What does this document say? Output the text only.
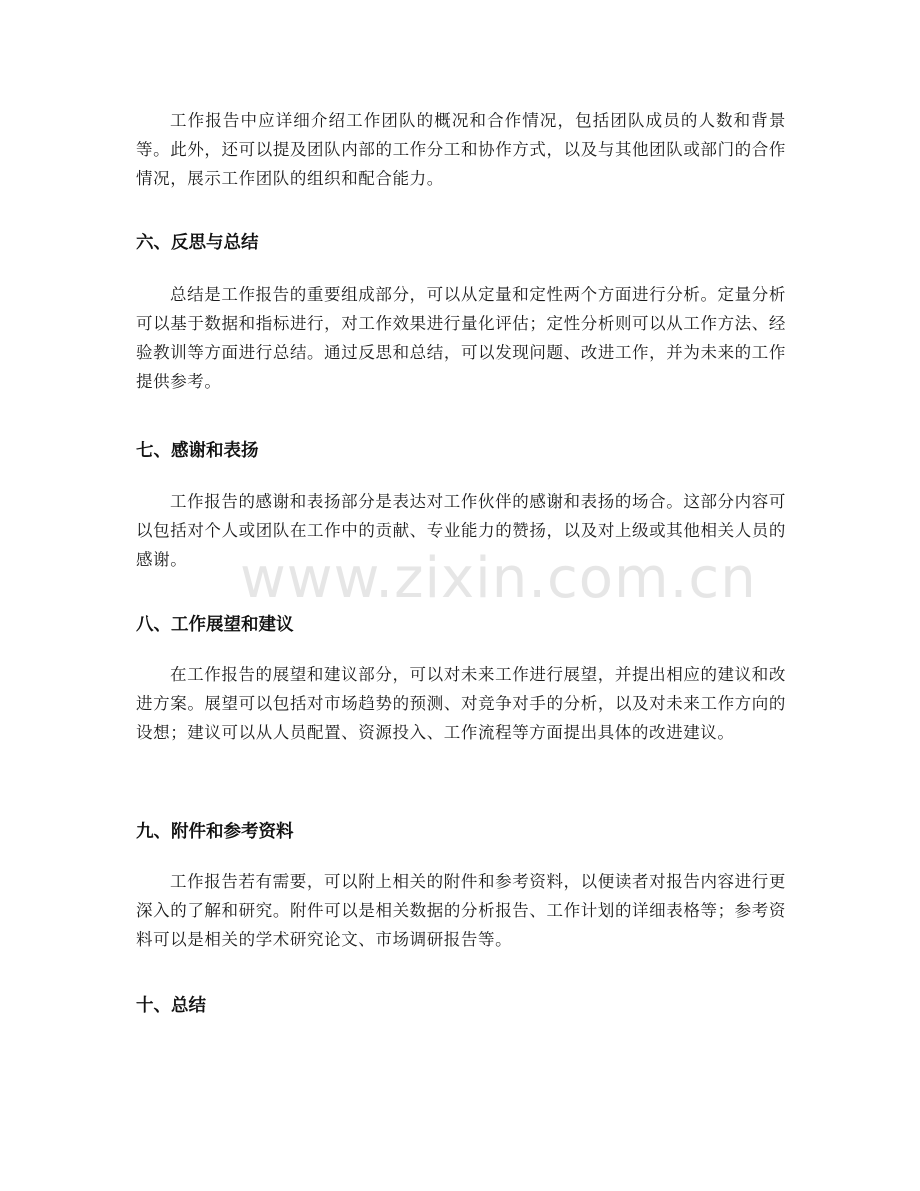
工作报告中应详细介绍工作团队的概况和合作情况，包括团队成员的人数和背景等。此外，还可以提及团队内部的工作分工和协作方式，以及与其他团队或部门的合作情况，展示工作团队的组织和配合能力。

六、反思与总结

总结是工作报告的重要组成部分，可以从定量和定性两个方面进行分析。定量分析可以基于数据和指标进行，对工作效果进行量化评估；定性分析则可以从工作方法、经验教训等方面进行总结。通过反思和总结，可以发现问题、改进工作，并为未来的工作提供参考。

七、感谢和表扬

工作报告的感谢和表扬部分是表达对工作伙伴的感谢和表扬的场合。这部分内容可以包括对个人或团队在工作中的贡献、专业能力的赞扬，以及对上级或其他相关人员的感谢。

八、工作展望和建议

在工作报告的展望和建议部分，可以对未来工作进行展望，并提出相应的建议和改进方案。展望可以包括对市场趋势的预测、对竞争对手的分析，以及对未来工作方向的设想；建议可以从人员配置、资源投入、工作流程等方面提出具体的改进建议。

九、附件和参考资料

工作报告若有需要，可以附上相关的附件和参考资料，以便读者对报告内容进行更深入的了解和研究。附件可以是相关数据的分析报告、工作计划的详细表格等；参考资料可以是相关的学术研究论文、市场调研报告等。

十、总结
www.zixin.com.cn
